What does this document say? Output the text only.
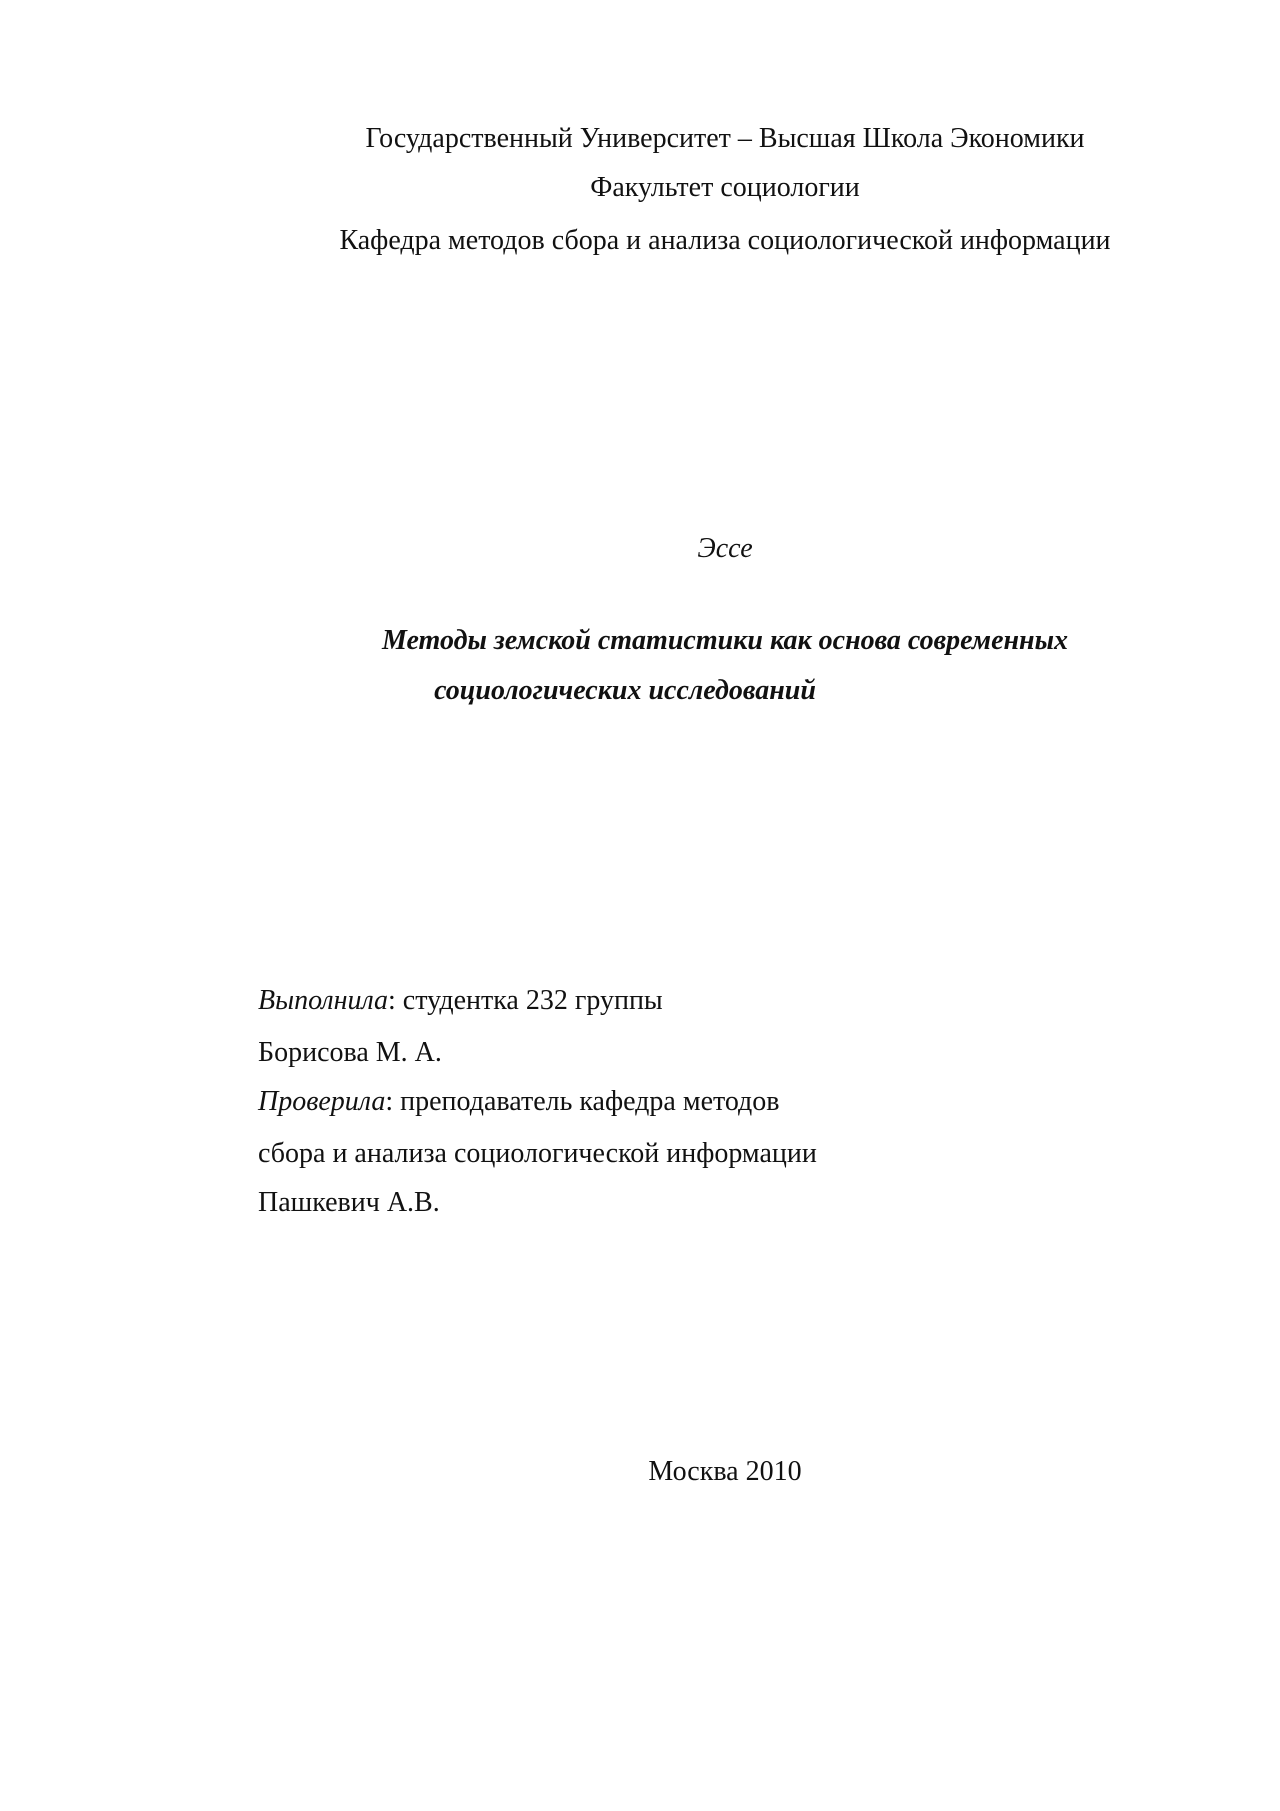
Государственный Университет – Высшая Школа Экономики
Факультет социологии
Кафедра методов сбора и анализа социологической информации
Эссе
Методы земской статистики как основа современных
социологических исследований
Выполнила: студентка 232 группы
Борисова М. А.
Проверила: преподаватель кафедра методов
сбора и анализа социологической информации
Пашкевич А.В.
Москва 2010
